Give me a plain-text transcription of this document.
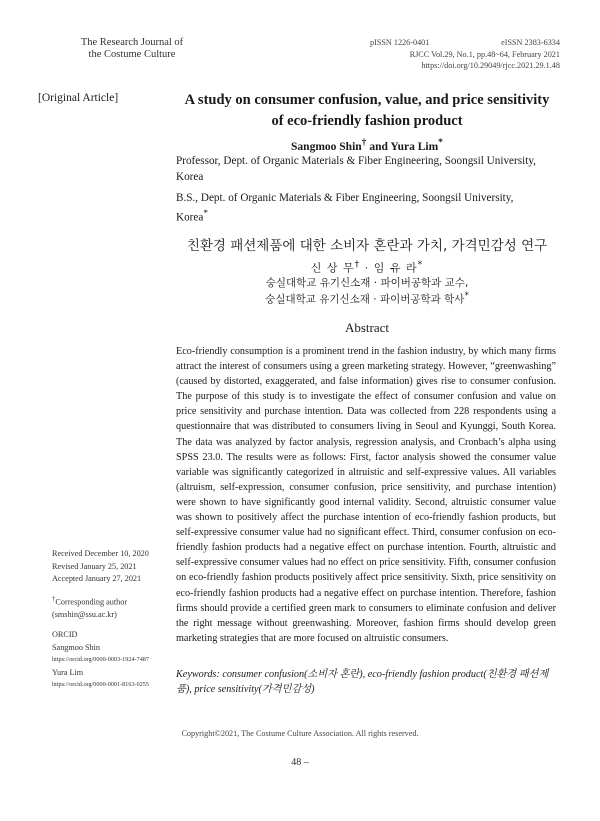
The Research Journal of
the Costume Culture
pISSN 1226-0401	eISSN 2383-6334
RJCC Vol.29, No.1, pp.48~64, February 2021
https://doi.org/10.29049/rjcc.2021.29.1.48
[Original Article]	A study on consumer confusion, value, and price sensitivity
of eco-friendly fashion product
Sangmoo Shin† and Yura Lim*
Professor, Dept. of Organic Materials & Fiber Engineering, Soongsil University,
Korea
B.S., Dept. of Organic Materials & Fiber Engineering, Soongsil University,
Korea*
친환경 패션제품에 대한 소비자 혼란과 가치, 가격민감성 연구
신 상 무† · 임 유 라*
숭실대학교 유기신소재 · 파이버공학과 교수,
숭실대학교 유기신소재 · 파이버공학과 학사*
Abstract
Eco-friendly consumption is a prominent trend in the fashion industry, by which many firms attract the interest of consumers using a green marketing strategy. However, “greenwashing” (caused by distorted, exaggerated, and false information) gives rise to consumer confusion. The purpose of this study is to investigate the effect of consumer confusion and value on price sensitivity and purchase intention. Data was collected from 228 respondents using a questionnaire that was distributed to consumers living in Seoul and Kyunggi, South Korea. The data was analyzed by factor analysis, regression analysis, and Cronbach’s alpha using SPSS 23.0. The results were as follows: First, factor analysis showed the consumer value variable was significantly categorized in altruistic and self-expressive values. All variables (altruism, self-expression, consumer confusion, price sensitivity, and purchase intention) were shown to have significantly good internal validity. Second, altruistic consumer value was shown to positively affect the purchase intention of eco-friendly fashion products, but self-expressive consumer value had no significant effect. Third, consumer confusion on eco-friendly fashion products had a negative effect on purchase intention. Fourth, altruistic and self-expressive consumer values had no effect on price sensitivity. Fifth, consumer confusion on eco-friendly fashion products positively affect price sensitivity. Sixth, price sensitivity on eco-friendly fashion products had a negative effect on purchase intention. Therefore, fashion firms should provide a certified green mark to consumers to eliminate confusion and deliver the right message without greenwashing. Moreover, fashion firms should develop green marketing strategies that are more focused on altruistic consumers.
Keywords: consumer confusion(소비자 혼란), eco-friendly fashion product(친환경 패션제품), price sensitivity(가격민감성)
Received December 10, 2020
Revised January 25, 2021
Accepted January 27, 2021
†Corresponding author
(smshin@ssu.ac.kr)
ORCID
Sangmoo Shin
https://orcid.org/0000-0003-1924-7487
Yura Lim
https://orcid.org/0000-0001-8163-0255
Copyright©2021, The Costume Culture Association. All rights reserved.
48 –
